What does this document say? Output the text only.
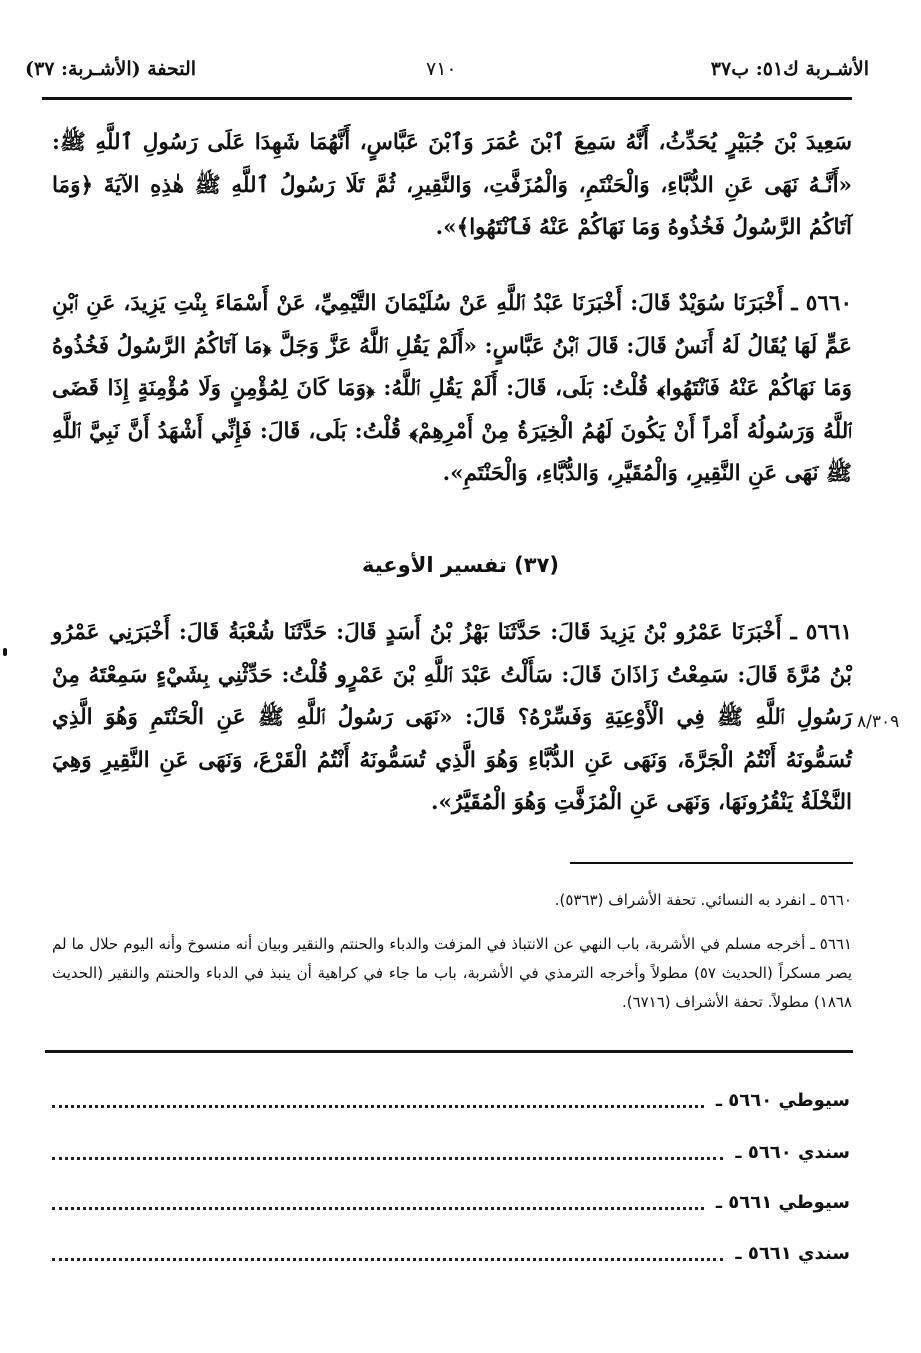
الأشـربة ك٥١: ب٣٧
٧١٠
التحفة (الأشـربة: ٣٧)
سَعِيدَ بْنَ جُبَيْرٍ يُحَدِّثُ، أَنَّهُ سَمِعَ ٱبْنَ عُمَرَ وَٱبْنَ عَبَّاسٍ، أَنَّهُمَا شَهِدَا عَلَى رَسُولِ ٱللَّهِ ﷺ: «أَنَّـهُ نَهَى عَنِ الدُّبَّاءِ، وَالْحَنْتَمِ، وَالْمُزَفَّتِ، وَالنَّقِيرِ، ثُمَّ تَلَا رَسُولُ ٱللَّهِ ﷺ هٰذِهِ الآيَةَ ﴿وَمَا آتَاكُمُ الرَّسُولُ فَخُذُوهُ وَمَا نَهَاكُمْ عَنْهُ فَٱنْتَهُوا﴾».
٥٦٦٠ ـ أَخْبَرَنَا سُوَيْدٌ قَالَ: أَخْبَرَنَا عَبْدُ ٱللَّهِ عَنْ سُلَيْمَانَ التَّيْمِيِّ، عَنْ أَسْمَاءَ بِنْتِ يَزِيدَ، عَنِ ٱبْنِ عَمٍّ لَهَا يُقَالُ لَهُ أَنَسٌ قَالَ: قَالَ ٱبْنُ عَبَّاسٍ: «أَلَمْ يَقُلِ ٱللَّهُ عَزَّ وَجَلَّ ﴿مَا آتَاكُمُ الرَّسُولُ فَخُذُوهُ وَمَا نَهَاكُمْ عَنْهُ فَٱنْتَهُوا﴾ قُلْتُ: بَلَى، قَالَ: أَلَمْ يَقُلِ ٱللَّهُ: ﴿وَمَا كَانَ لِمُؤْمِنٍ وَلَا مُؤْمِنَةٍ إِذَا قَضَى ٱللَّهُ وَرَسُولُهُ أَمْراً أَنْ يَكُونَ لَهُمُ الْخِيَرَةُ مِنْ أَمْرِهِمْ﴾ قُلْتُ: بَلَى، قَالَ: فَإِنِّي أَشْهَدُ أَنَّ نَبِيَّ ٱللَّهِ ﷺ نَهَى عَنِ النَّقِيرِ، وَالْمُقَيَّرِ، وَالدُّبَّاءِ، وَالْحَنْتَمِ».
(٣٧) تفسير الأوعية
٥٦٦١ ـ أَخْبَرَنَا عَمْرُو بْنُ يَزِيدَ قَالَ: حَدَّثَنَا بَهْزُ بْنُ أَسَدٍ قَالَ: حَدَّثَنَا شُعْبَةُ قَالَ: أَخْبَرَنِي عَمْرُو بْنُ مُرَّةَ قَالَ: سَمِعْتُ زَاذَانَ قَالَ: سَأَلْتُ عَبْدَ ٱللَّهِ بْنَ عَمْرٍو قُلْتُ: حَدِّثْنِي بِشَيْءٍ سَمِعْتَهُ مِنْ رَسُولِ ٱللَّهِ ﷺ فِي الْأَوْعِيَةِ وَفَسِّرْهُ؟ قَالَ: «نَهَى رَسُولُ ٱللَّهِ ﷺ عَنِ الْحَنْتَمِ وَهُوَ الَّذِي تُسَمُّونَهُ أَنْتُمُ الْجَرَّةَ، وَنَهَى عَنِ الدُّبَّاءِ وَهُوَ الَّذِي تُسَمُّونَهُ أَنْتُمُ الْقَرْعَ، وَنَهَى عَنِ النَّقِيرِ وَهِيَ النَّخْلَةُ يَنْقُرُونَهَا، وَنَهَى عَنِ الْمُزَفَّتِ وَهُوَ الْمُقَيَّرُ».
٨/٣٠٩
٥٦٦٠ ـ انفرد به النسائي. تحفة الأشراف (٥٣٦٣).
٥٦٦١ ـ أخرجه مسلم في الأشربة، باب النهي عن الانتباذ في المزفت والدباء والحنتم والنقير وبيان أنه منسوخ وأنه اليوم حلال ما لم يصر مسكراً (الحديث ٥٧) مطولاً وأخرجه الترمذي في الأشربة، باب ما جاء في كراهية أن ينبذ في الدباء والحنتم والنقير (الحديث ١٨٦٨) مطولاً. تحفة الأشراف (٦٧١٦).
سيوطي ٥٦٦٠ ـ
سندي ٥٦٦٠ ـ
سيوطي ٥٦٦١ ـ
سندي ٥٦٦١ ـ
